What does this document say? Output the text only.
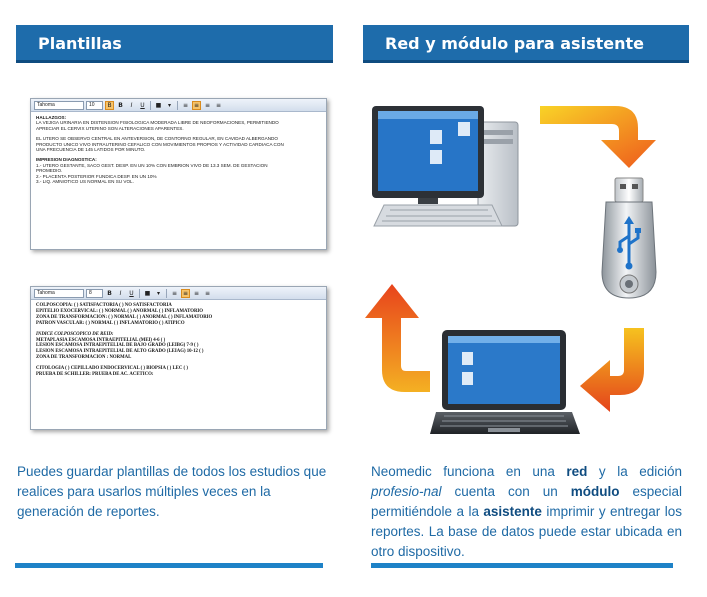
Plantillas
Tahoma	10	B	B	I	U	■	▾	≡ ≡ ≡ ≡
HALLAZGOS:
LA VEJIGA URINARIA EN DISTENSION FISIOLOGICA MODERADA LIBRE DE NEOFORMACIONES, PERMITIENDO
APRECIAR EL CERVIX UTERINO SON ALTERACIONES APARENTES.
EL UTERO SE OBSERVO CENTRAL EN ANTEVERSION, DE CONTORNO REGULAR, EN CAVIDAD ALBERGANDO
PRODUCTO UNICO VIVO INTRAUTERINO CEFALICO CON MOVIMIENTOS PROPIOS Y ACTIVIDAD CARDIACA CON
UNA FRECUENCIA DE 145 LATIDOS POR MINUTO.
IMPRESION DIAGNOSTICA:
1.- UTERO GESTANTE, SACO GEST. DESP. EN UN 10% CON EMBRION VIVO DE 13.3 SEM. DE GESTACION
PROMEDIO.
2.- PLACENTA POSTERIOR FUNDICA DESP. EN UN 10%
3.- LIQ. AMNIOTICO US NORMAL EN SU VOL.
Tahoma	8	B	I	U	■	▾	≡ ≡ ≡ ≡
COLPOSCOPIA: ( ) SATISFACTORIA ( ) NO SATISFACTORIA
EPITELIO EXOCERVICAL: ( ) NORMAL ( ) ANORMAL ( ) INFLAMATORIO
ZONA DE TRANSFORMACION: ( ) NORMAL ( ) ANORMAL ( ) INFLAMATORIO
PATRON VASCULAR: ( ) NORMAL ( ) INFLAMATORIO ( ) ATIPICO
INDICE COLPOSCOPICO DE REID:
METAPLASIA ESCAMOSA INTRAEPITELIAL (MEI) 4-6 ( )
LESION ESCAMOSA INTRAEPITELIAL DE BAJO GRADO (LEIBG) 7-9 ( )
LESION ESCAMOSA INTRAEPITELIAL DE ALTO GRADO (LEIAG) 10-12 ( )
ZONA DE TRANSFORMACION : NORMAL
CITOLOGIA ( ) CEPILLADO ENDOCERVICAL ( ) BIOPSIA ( ) LEC ( )
PRUEBA DE SCHILLER: PRUEBA DE AC. ACETICO:
Puedes guardar plantillas de todos los estudios que realices para usarlos múltiples veces en la generación de reportes.
Red y módulo para asistente
Neomedic funciona en una red y la edición profesio-nal cuenta con un módulo especial permitiéndole a la asistente imprimir y entregar los reportes. La base de datos puede estar ubicada en otro dispositivo.
